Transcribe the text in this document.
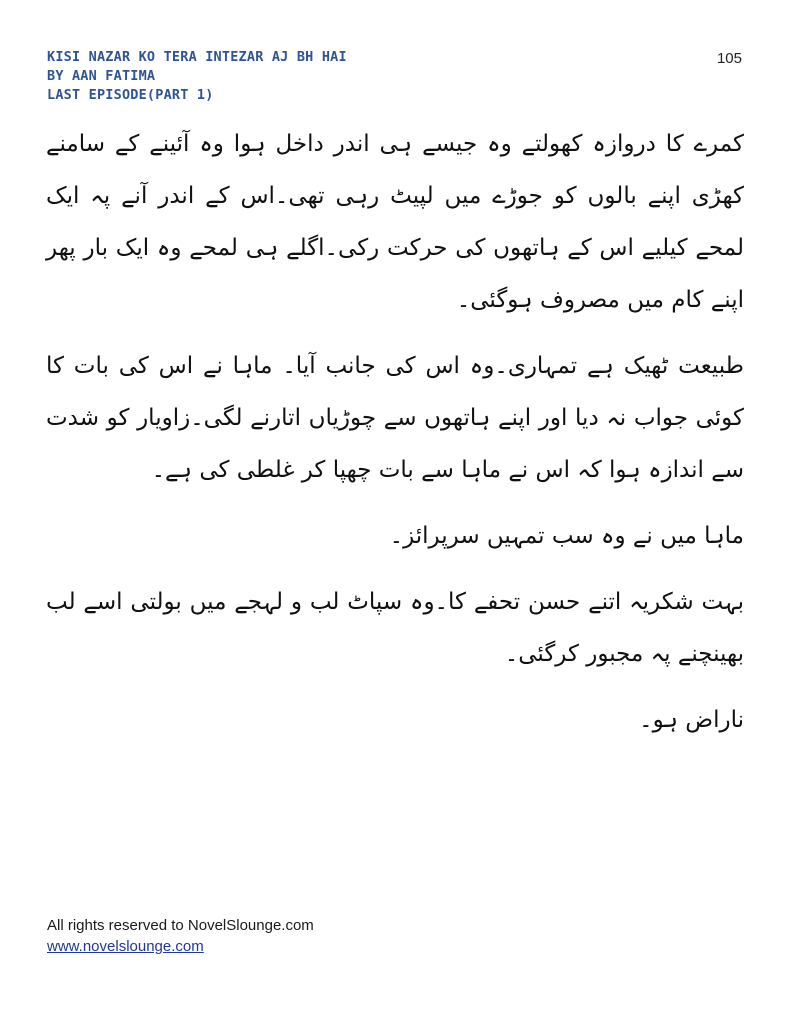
KISI NAZAR KO TERA INTEZAR AJ BH HAI
BY AAN FATIMA
LAST EPISODE(PART 1)
105

کمرے کا دروازہ کھولتے وہ جیسے ہی اندر داخل ہوا وہ آئینے کے سامنے کھڑی اپنے بالوں کو جوڑے میں لپیٹ رہی تھی۔اس کے اندر آنے پہ ایک لمحے کیلیے اس کے ہاتھوں کی حرکت رکی۔اگلے ہی لمحے وہ ایک بار پھر اپنے کام میں مصروف ہوگئی۔

طبیعت ٹھیک ہے تمہاری۔وہ اس کی جانب آیا۔ ماہا نے اس کی بات کا کوئی جواب نہ دیا اور اپنے ہاتھوں سے چوڑیاں اتارنے لگی۔زاویار کو شدت سے اندازہ ہوا کہ اس نے ماہا سے بات چھپا کر غلطی کی ہے۔

ماہا میں نے وہ سب تمہیں سرپرائز۔

بہت شکریہ اتنے حسن تحفے کا۔وہ سپاٹ لب و لہجے میں بولتی اسے لب بھینچنے پہ مجبور کرگئی۔

ناراض ہو۔

All rights reserved to NovelSlounge.com
www.novelslounge.com
